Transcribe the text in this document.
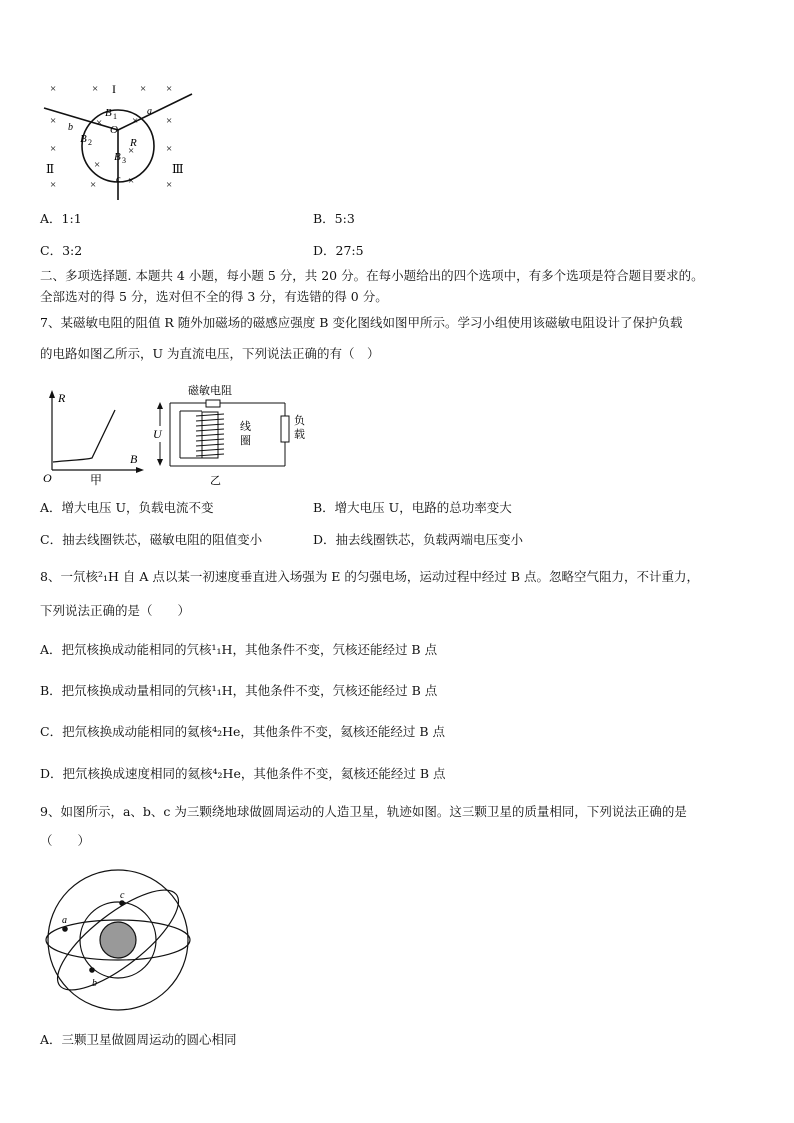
I
Ⅱ	Ⅲ
B 1
B 2
B 3
O
R
a
b
c
×	×	× ×
×
×
×	×	×
×
×
×
×	×	×	×
A．1:1	B．5:3
C．3:2	D．27:5
二、多项选择题. 本题共 4 小题，每小题 5 分，共 20 分。在每小题给出的四个选项中，有多个选项是符合题目要求的。
全部选对的得 5 分，选对但不全的得 3 分，有选错的得 0 分。
7、某磁敏电阻的阻值 R 随外加磁场的磁感应强度 B 变化图线如图甲所示。学习小组使用该磁敏电阻设计了保护负载
的电路如图乙所示，U 为直流电压，下列说法正确的有（　）
R
B
O	甲
磁敏电阻
U	线
圈
负
载
乙
A．增大电压 U，负载电流不变	B．增大电压 U，电路的总功率变大
C．抽去线圈铁芯，磁敏电阻的阻值变小	D．抽去线圈铁芯，负载两端电压变小
8、一氘核²₁H 自 A 点以某一初速度垂直进入场强为 E 的匀强电场，运动过程中经过 B 点。忽略空气阻力，不计重力，
下列说法正确的是（　　）
A．把氘核换成动能相同的氕核¹₁H，其他条件不变，氕核还能经过 B 点
B．把氘核换成动量相同的氕核¹₁H，其他条件不变，氕核还能经过 B 点
C．把氘核换成动能相同的氦核⁴₂He，其他条件不变，氦核还能经过 B 点
D．把氘核换成速度相同的氦核⁴₂He，其他条件不变，氦核还能经过 B 点
9、如图所示，a、b、c 为三颗绕地球做圆周运动的人造卫星，轨迹如图。这三颗卫星的质量相同，下列说法正确的是
（　　）
a
c
b
A．三颗卫星做圆周运动的圆心相同
